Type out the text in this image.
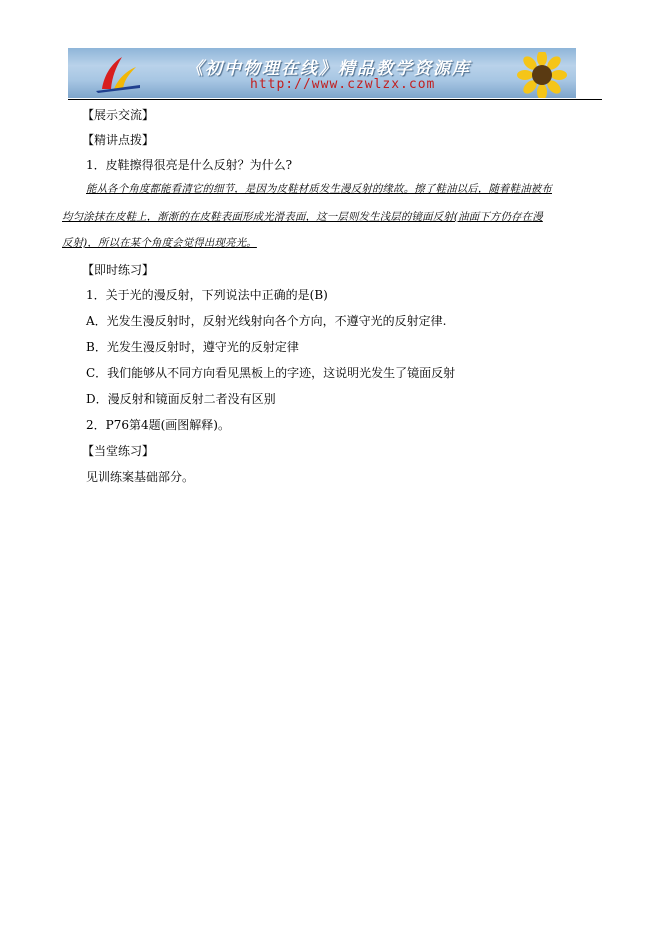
《初中物理在线》精品教学资源库
http://www.czwlzx.com
【展示交流】
【精讲点拨】
1．皮鞋擦得很亮是什么反射？为什么?
能从各个角度都能看清它的细节，是因为皮鞋材质发生漫反射的缘故。擦了鞋油以后，随着鞋油被布
均匀涂抹在皮鞋上，渐渐的在皮鞋表面形成光滑表面，这一层则发生浅层的镜面反射(油面下方仍存在漫
反射)，所以在某个角度会觉得出现亮光。
【即时练习】
1．关于光的漫反射，下列说法中正确的是(B)
A．光发生漫反射时，反射光线射向各个方向，不遵守光的反射定律.
B．光发生漫反射时，遵守光的反射定律
C．我们能够从不同方向看见黑板上的字迹，这说明光发生了镜面反射
D．漫反射和镜面反射二者没有区别
2．P76第4题(画图解释)。
【当堂练习】
见训练案基础部分。
